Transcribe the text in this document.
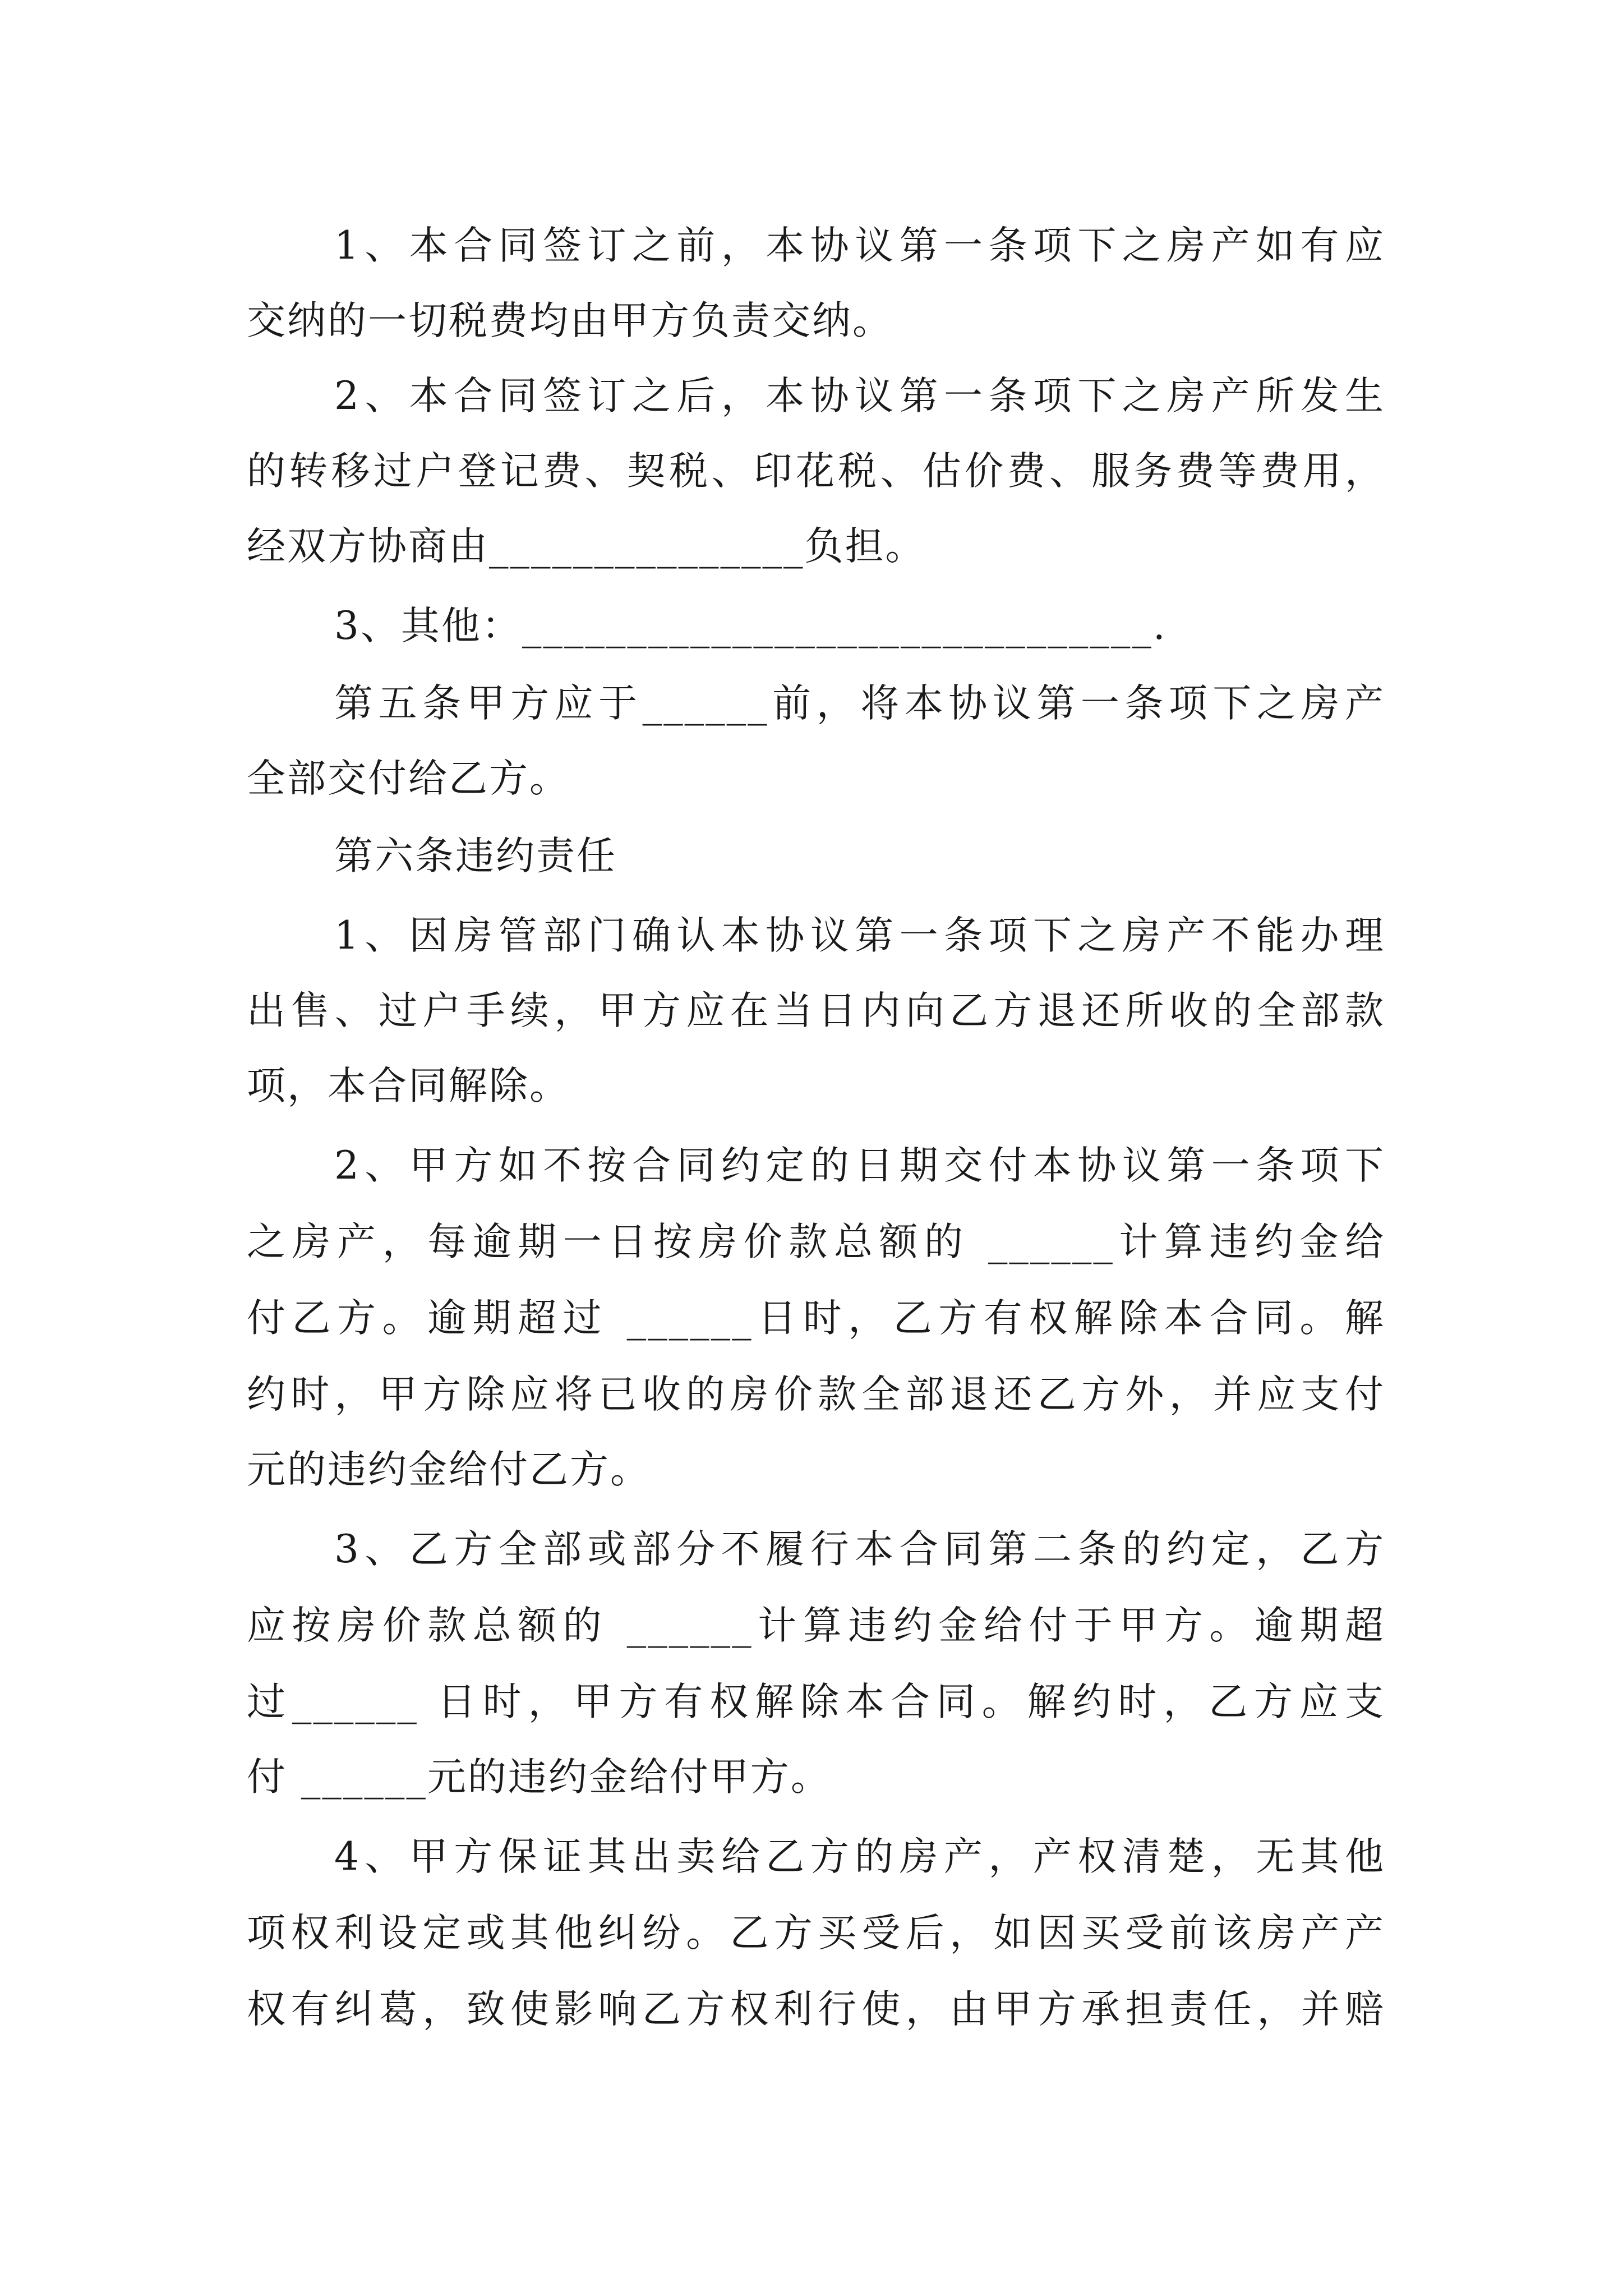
1、本合同签订之前，本协议第一条项下之房产如有应
交纳的一切税费均由甲方负责交纳。
2、本合同签订之后，本协议第一条项下之房产所发生
的转移过户登记费、契税、印花税、估价费、服务费等费用，
经双方协商由_______________负担。
3、其他：______________________________.
第五条甲方应于______前，将本协议第一条项下之房产
全部交付给乙方。
第六条违约责任
1、因房管部门确认本协议第一条项下之房产不能办理
出售、过户手续，甲方应在当日内向乙方退还所收的全部款
项，本合同解除。
2、甲方如不按合同约定的日期交付本协议第一条项下
之房产，每逾期一日按房价款总额的 ______计算违约金给
付乙方。逾期超过 ______日时，乙方有权解除本合同。解
约时，甲方除应将已收的房价款全部退还乙方外，并应支付
元的违约金给付乙方。
3、乙方全部或部分不履行本合同第二条的约定，乙方
应按房价款总额的 ______计算违约金给付于甲方。逾期超
过______ 日时，甲方有权解除本合同。解约时，乙方应支
付 ______元的违约金给付甲方。
4、甲方保证其出卖给乙方的房产，产权清楚，无其他
项权利设定或其他纠纷。乙方买受后，如因买受前该房产产
权有纠葛，致使影响乙方权利行使，由甲方承担责任，并赔
